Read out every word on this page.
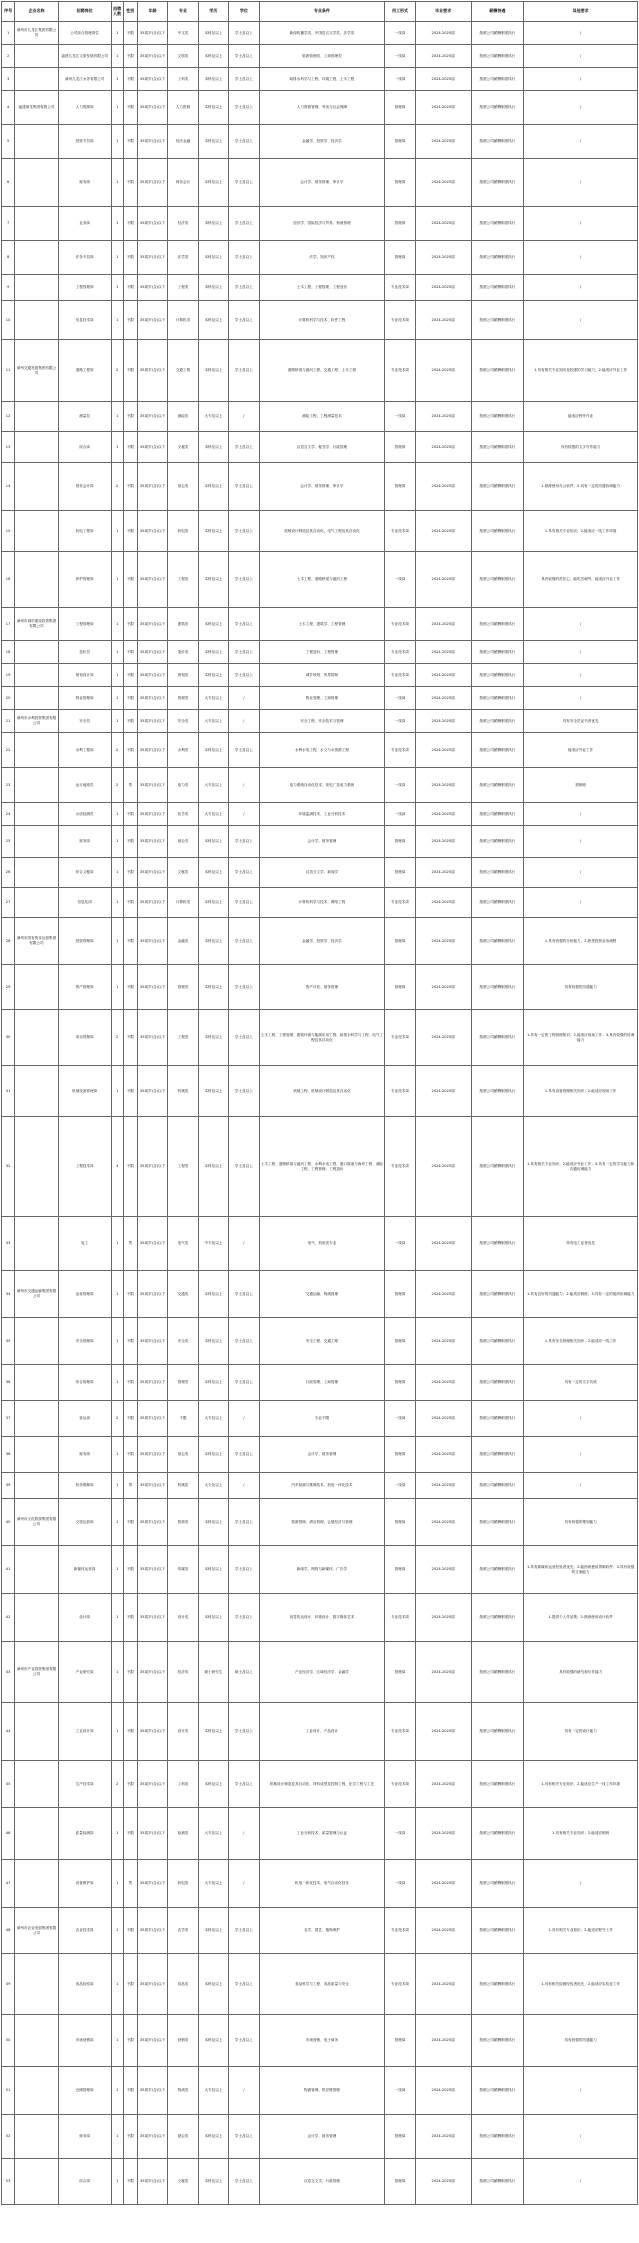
序号	企业名称	招聘岗位	招聘人数	性别	年龄	专业	学历	学位	专业条件	用工形式	毕业要求	薪酬待遇	其他要求
1	漳州市九龙江集团有限公司	公司综合管理岗位	1	不限	35周岁(含)以下	中文类	本科及以上	学士及以上	新闻传播学类、中国语言文学类、法学类	一线岗	2024-2025届	按照公司薪酬制度执行	/
2		福建九龙江文旅发展有限公司	1	不限	35周岁(含)以下	文旅类	本科及以上	学士及以上	旅游管理类、工商管理类	一线岗	2024-2025届	按照公司薪酬制度执行	/
3		漳州九龙江水务有限公司	1	不限	35周岁(含)以下	工科类	本科及以上	学士及以上	给排水科学与工程、环境工程、土木工程	一线岗	2024-2025届	按照公司薪酬制度执行	/
4	福建漳龙集团有限公司	人力资源岗	1	不限	35周岁(含)以下	人力资源	本科及以上	学士及以上	人力资源管理、劳动与社会保障	管理岗	2024-2025届	按照公司薪酬制度执行	/
5		投资专员岗	1	不限	35周岁(含)以下	经济金融	本科及以上	学士及以上	金融学、投资学、经济学	管理岗	2024-2025届	按照公司薪酬制度执行	/
6		财务岗	1	不限	35周岁(含)以下	财务会计	本科及以上	学士及以上	会计学、财务管理、审计学	管理岗	2024-2025届	按照公司薪酬制度执行	/
7		业务岗	1	不限	35周岁(含)以下	经济类	本科及以上	学士及以上	经济学、国际经济与贸易、物流管理	管理岗	2024-2025届	按照公司薪酬制度执行	/
8		法务专员岗	1	不限	35周岁(含)以下	法学类	本科及以上	学士及以上	法学、知识产权	管理岗	2024-2025届	按照公司薪酬制度执行	/
9		工程管理岗	1	不限	35周岁(含)以下	工程类	本科及以上	学士及以上	土木工程、工程管理、工程造价	专业技术岗	2024-2025届	按照公司薪酬制度执行	/
10		信息技术岗	1	不限	35周岁(含)以下	计算机类	本科及以上	学士及以上	计算机科学与技术、软件工程	专业技术岗	2024-2025届	按照公司薪酬制度执行	/
11	漳州交通发展集团有限公司	道路工程岗	2	不限	35周岁(含)以下	交通工程	本科及以上	学士及以上	道路桥梁与渡河工程、交通工程、土木工程	专业技术岗	2024-2025届	按照公司薪酬制度执行	1.具有相关专业知识及较强的学习能力；2.能适应外业工作
12		测量员	1	不限	35周岁(含)以下	测绘类	大专及以上	/	测绘工程、工程测量技术	一线岗	2024-2025届	按照公司薪酬制度执行	能适应野外作业
13		综合岗	1	不限	35周岁(含)以下	文秘类	本科及以上	学士及以上	汉语言文学、秘书学、行政管理	管理岗	2024-2025届	按照公司薪酬制度执行	具有较强的文字写作能力
14		财务会计岗	2	不限	35周岁(含)以下	财会类	本科及以上	学士及以上	会计学、财务管理、审计学	管理岗	2024-2025届	按照公司薪酬制度执行	1.熟练使用办公软件；2.具有一定的沟通协调能力
15		机电工程岗	1	不限	35周岁(含)以下	机电类	本科及以上	学士及以上	机械设计制造及其自动化、电气工程及其自动化	专业技术岗	2024-2025届	按照公司薪酬制度执行	1.具有相关专业知识；2.能适应一线工作环境
16		养护管理岗	1	不限	35周岁(含)以下	工程类	本科及以上	学士及以上	土木工程、道路桥梁与渡河工程	一线岗	2024-2025届	按照公司薪酬制度执行	具有较强的责任心，能吃苦耐劳，能适应外业工作
17	漳州市城市建设投资集团有限公司	工程管理岗	1	不限	35周岁(含)以下	建筑类	本科及以上	学士及以上	土木工程、建筑学、工程管理	专业技术岗	2024-2025届	按照公司薪酬制度执行	/
18		造价员	1	不限	35周岁(含)以下	造价类	本科及以上	学士及以上	工程造价、工程管理	专业技术岗	2024-2025届	按照公司薪酬制度执行	/
19		规划设计岗	1	不限	35周岁(含)以下	规划类	本科及以上	学士及以上	城乡规划、风景园林	专业技术岗	2024-2025届	按照公司薪酬制度执行	/
20		物业管理岗	1	不限	35周岁(含)以下	管理类	大专及以上	/	物业管理、工商管理	一线岗	2024-2025届	按照公司薪酬制度执行	/
21	漳州市水利投资集团有限公司	安全员	1	不限	35周岁(含)以下	安全类	大专及以上	/	安全工程、安全技术与管理	一线岗	2024-2025届	按照公司薪酬制度执行	具有安全员证书者优先
22		水利工程岗	2	不限	35周岁(含)以下	水利类	本科及以上	学士及以上	水利水电工程、水文与水资源工程	专业技术岗	2024-2025届	按照公司薪酬制度执行	能适应外业工作
23		运行值班员	2	男	35周岁(含)以下	电力类	大专及以上	/	电力系统自动化技术、发电厂及电力系统	一线岗	2024-2025届	按照公司薪酬制度执行	需倒班
24		水质检测员	1	不限	35周岁(含)以下	化学类	大专及以上	/	环境监测技术、工业分析技术	一线岗	2024-2025届	按照公司薪酬制度执行	/
25		财务岗	1	不限	35周岁(含)以下	财会类	本科及以上	学士及以上	会计学、财务管理	管理岗	2024-2025届	按照公司薪酬制度执行	/
26		综合文秘岗	1	不限	35周岁(含)以下	文秘类	本科及以上	学士及以上	汉语言文学、新闻学	管理岗	2024-2025届	按照公司薪酬制度执行	/
27		信息化岗	1	不限	35周岁(含)以下	计算机类	本科及以上	学士及以上	计算机科学与技术、网络工程	专业技术岗	2024-2025届	按照公司薪酬制度执行	/
28	漳州市国有资本运营集团有限公司	投资管理岗	1	不限	35周岁(含)以下	金融类	本科及以上	学士及以上	金融学、投资学、经济学	管理岗	2024-2025届	按照公司薪酬制度执行	1.具有较强的分析能力；2.熟悉投资业务流程
29		资产管理岗	1	不限	35周岁(含)以下	管理类	本科及以上	学士及以上	资产评估、财务管理	管理岗	2024-2025届	按照公司薪酬制度执行	具有较强的沟通能力
30		项目管理岗	2	不限	35周岁(含)以下	工程类	本科及以上	学士及以上	土木工程、工程管理、建筑环境与能源应用工程、给排水科学与工程、电气工程及其自动化	专业技术岗	2024-2025届	按照公司薪酬制度执行	1.具有一定的工程管理知识；2.能适应现场工作；3.具有较强的协调能力
31		机械设备管理岗	1	不限	35周岁(含)以下	机械类	本科及以上	学士及以上	机械工程、机械设计制造及其自动化	专业技术岗	2024-2025届	按照公司薪酬制度执行	1.具有设备管理相关知识；2.能适应现场工作
32		工程技术岗	3	不限	35周岁(含)以下	工程类	本科及以上	学士及以上	土木工程、道路桥梁与渡河工程、水利水电工程、港口航道与海岸工程、测绘工程、工程管理、工程造价	专业技术岗	2024-2025届	按照公司薪酬制度执行	1.具有相关专业知识；2.能适应外业工作；3.具有一定的学习能力和沟通协调能力
33		电工	1	男	35周岁(含)以下	电气类	中专及以上	/	电气、机电类专业	一线岗	2024-2025届	按照公司薪酬制度执行	持有电工证者优先
34	漳州市交通运输集团有限公司	运营管理岗	1	不限	35周岁(含)以下	交通类	本科及以上	学士及以上	交通运输、物流管理	管理岗	2024-2025届	按照公司薪酬制度执行	1.具有良好的沟通能力；2.能适应倒班；3.具有一定的组织协调能力
35		安全管理岗	1	不限	35周岁(含)以下	安全类	本科及以上	学士及以上	安全工程、交通工程	管理岗	2024-2025届	按照公司薪酬制度执行	1.具有安全管理相关知识；2.能适应一线工作
36		综合管理岗	1	不限	35周岁(含)以下	管理类	本科及以上	学士及以上	行政管理、工商管理	管理岗	2024-2025届	按照公司薪酬制度执行	具有一定的文字功底
37		营运岗	2	不限	35周岁(含)以下	不限	大专及以上	/	专业不限	一线岗	2024-2025届	按照公司薪酬制度执行	/
38		财务岗	1	不限	35周岁(含)以下	财会类	本科及以上	学士及以上	会计学、财务管理	管理岗	2024-2025届	按照公司薪酬制度执行	/
39		机务维修岗	1	男	35周岁(含)以下	机械类	大专及以上	/	汽车检测与维修技术、机电一体化技术	一线岗	2024-2025届	按照公司薪酬制度执行	/
40	漳州市文化旅游集团有限公司	文旅运营岗	1	不限	35周岁(含)以下	旅游类	本科及以上	学士及以上	旅游管理、酒店管理、会展经济与管理	管理岗	2024-2025届	按照公司薪酬制度执行	具有较强的策划能力
41		新媒体运营岗	1	不限	35周岁(含)以下	传媒类	本科及以上	学士及以上	新闻学、网络与新媒体、广告学	管理岗	2024-2025届	按照公司薪酬制度执行	1.具有新媒体运营经验者优先；2.能熟练使用剪辑软件；3.具有较强的文案能力
42		设计岗	1	不限	35周岁(含)以下	设计类	本科及以上	学士及以上	视觉传达设计、环境设计、数字媒体艺术	专业技术岗	2024-2025届	按照公司薪酬制度执行	1.提供个人作品集；2.熟练使用设计软件
43	漳州市产业投资集团有限公司	产业研究岗	1	不限	35周岁(含)以下	经济类	硕士研究生	硕士及以上	产业经济学、区域经济学、金融学	管理岗	2024-2025届	按照公司薪酬制度执行	具有较强的研究和写作能力
44		工业设计岗	1	不限	35周岁(含)以下	设计类	本科及以上	学士及以上	工业设计、产品设计	专业技术岗	2024-2025届	按照公司薪酬制度执行	具有一定的设计能力
45		生产技术岗	2	不限	35周岁(含)以下	工科类	本科及以上	学士及以上	机械设计制造及其自动化、材料成型及控制工程、化学工程与工艺	专业技术岗	2024-2025届	按照公司薪酬制度执行	1.具有相关专业知识；2.能适应生产一线工作环境
46		质量检测岗	1	不限	35周岁(含)以下	检测类	大专及以上	/	工业分析技术、质量管理与认证	一线岗	2024-2025届	按照公司薪酬制度执行	1.具有相关专业知识；2.能适应倒班
47		设备维护岗	1	男	35周岁(含)以下	机电类	大专及以上	/	机电一体化技术、电气自动化技术	一线岗	2024-2025届	按照公司薪酬制度执行	/
48	漳州市农业发展集团有限公司	农业技术岗	1	不限	35周岁(含)以下	农学类	本科及以上	学士及以上	农学、园艺、植物保护	专业技术岗	2024-2025届	按照公司薪酬制度执行	1.具有相关专业知识；2.能适应野外工作
49		食品检验岗	1	不限	35周岁(含)以下	食品类	本科及以上	学士及以上	食品科学与工程、食品质量与安全	专业技术岗	2024-2025届	按照公司薪酬制度执行	1.具有相关检测经验者优先；2.能适应实验室工作
50		市场营销岗	1	不限	35周岁(含)以下	营销类	本科及以上	学士及以上	市场营销、电子商务	管理岗	2024-2025届	按照公司薪酬制度执行	具有较强的沟通能力
51		仓储管理岗	1	不限	35周岁(含)以下	物流类	大专及以上	/	物流管理、供应链管理	一线岗	2024-2025届	按照公司薪酬制度执行	/
52		财务岗	1	不限	35周岁(含)以下	财会类	本科及以上	学士及以上	会计学、财务管理	管理岗	2024-2025届	按照公司薪酬制度执行	/
53		综合岗	1	不限	35周岁(含)以下	文秘类	本科及以上	学士及以上	汉语言文学、行政管理	管理岗	2024-2025届	按照公司薪酬制度执行	/
